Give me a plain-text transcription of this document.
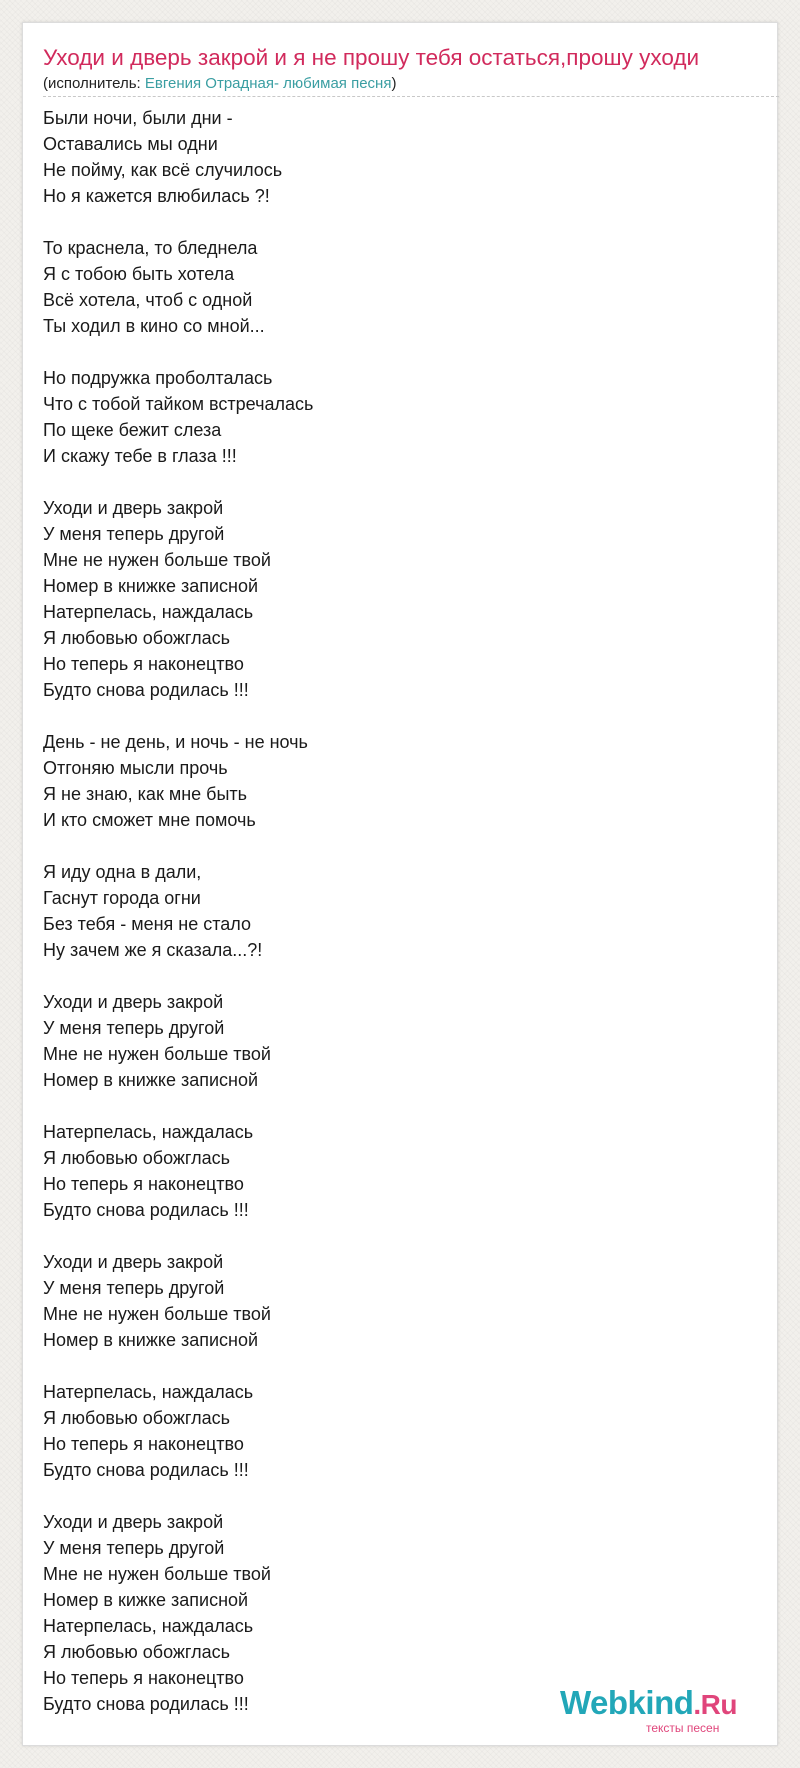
Уходи и дверь закрой и я не прошу тебя остаться,прошу уходи
(исполнитель: Евгения Отрадная- любимая песня)
Были ночи, были дни -
Оставались мы одни
Не пойму, как всё случилось
Но я кажется влюбилась ?!
То краснела, то бледнела
Я с тобою быть хотела
Всё хотела, чтоб с одной
Ты ходил в кино со мной...
Но подружка проболталась
Что с тобой тайком встречалась
По щеке бежит слеза
И скажу тебе в глаза !!!
Уходи и дверь закрой
У меня теперь другой
Мне не нужен больше твой
Номер в книжке записной
Натерпелась, наждалась
Я любовью обожглась
Но теперь я наконецтво
Будто снова родилась !!!
День - не день, и ночь - не ночь
Отгоняю мысли прочь
Я не знаю, как мне быть
И кто сможет мне помочь
Я иду одна в дали,
Гаснут города огни
Без тебя - меня не стало
Ну зачем же я сказала...?!
Уходи и дверь закрой
У меня теперь другой
Мне не нужен больше твой
Номер в книжке записной
Натерпелась, наждалась
Я любовью обожглась
Но теперь я наконецтво
Будто снова родилась !!!
Уходи и дверь закрой
У меня теперь другой
Мне не нужен больше твой
Номер в книжке записной
Натерпелась, наждалась
Я любовью обожглась
Но теперь я наконецтво
Будто снова родилась !!!
Уходи и дверь закрой
У меня теперь другой
Мне не нужен больше твой
Номер в кижке записной
Натерпелась, наждалась
Я любовью обожглась
Но теперь я наконецтво
Будто снова родилась !!!	Webkind.Ru
тексты песен
